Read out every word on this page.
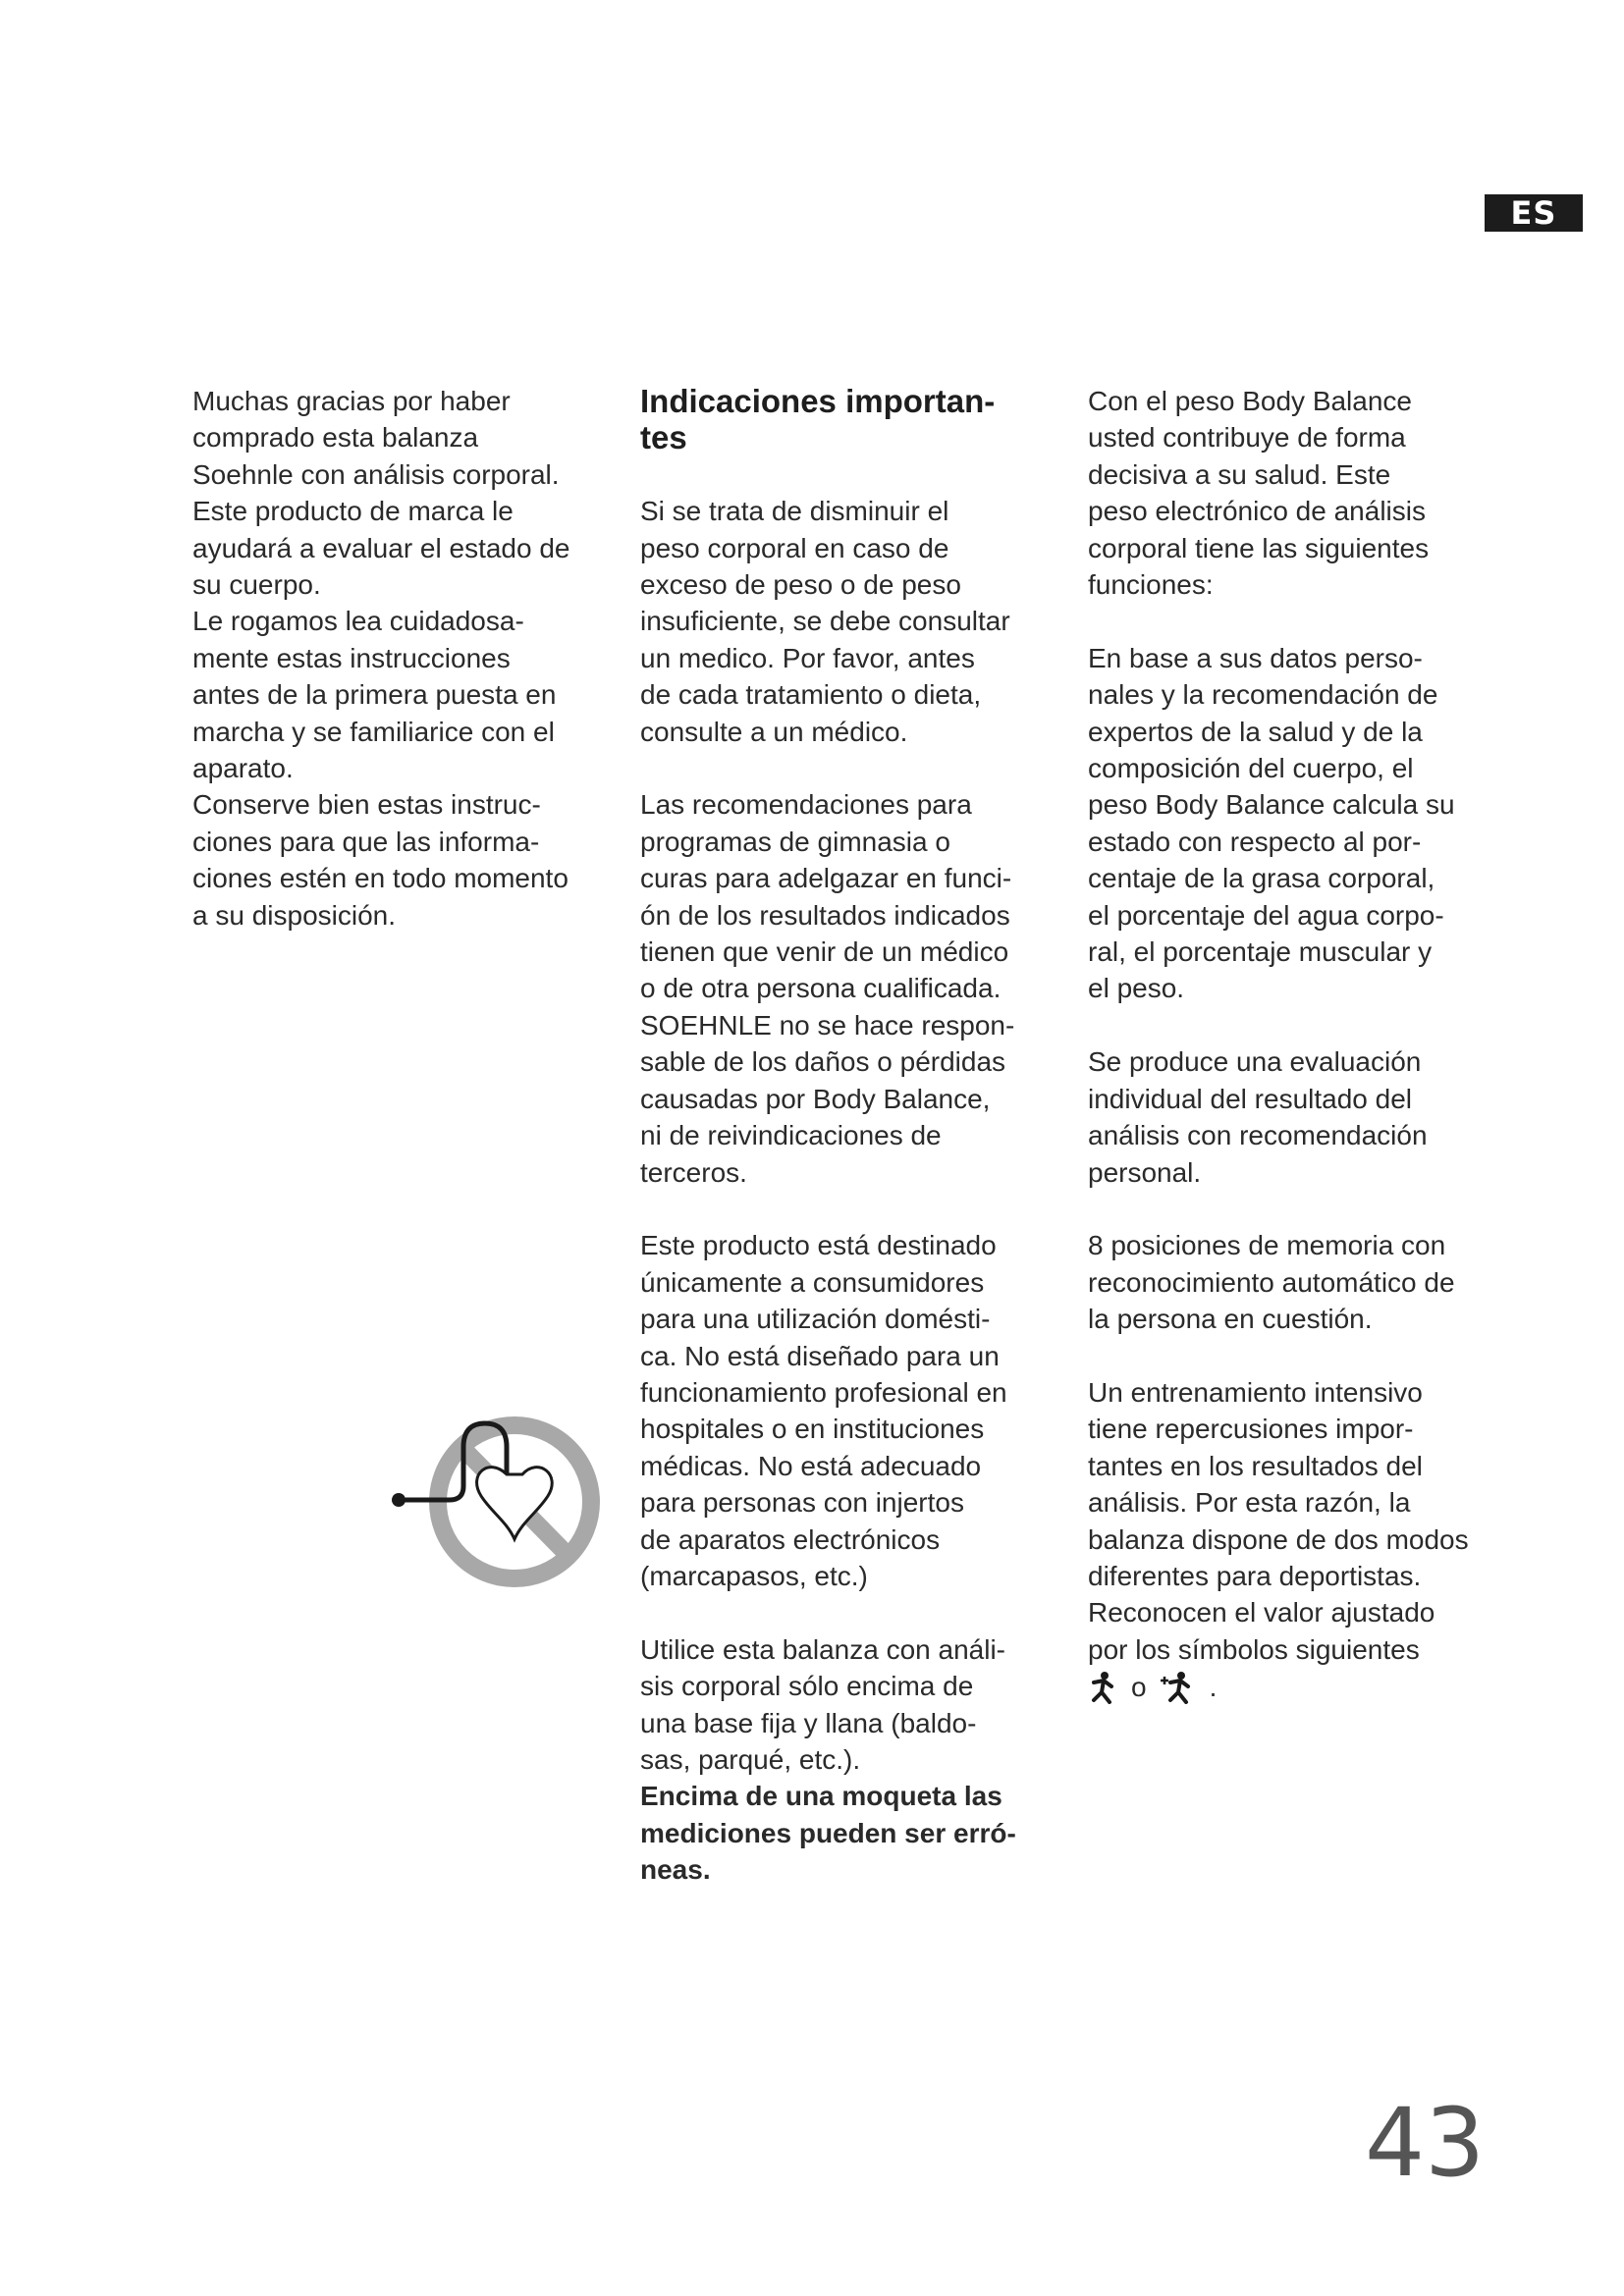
ES

Muchas gracias por haber
comprado esta balanza
Soehnle con análisis corporal.
Este producto de marca le
ayudará a evaluar el estado de
su cuerpo.

Le rogamos lea cuidadosa-
mente estas instrucciones
antes de la primera puesta en
marcha y se familiarice con el
aparato.

Conserve bien estas instruc-
ciones para que las informa-
ciones estén en todo momento
a su disposición.

Indicaciones importan-
tes

Si se trata de disminuir el
peso corporal en caso de
exceso de peso o de peso
insuficiente, se debe consultar
un medico. Por favor, antes
de cada tratamiento o dieta,
consulte a un médico.

Las recomendaciones para
programas de gimnasia o
curas para adelgazar en funci-
ón de los resultados indicados
tienen que venir de un médico
o de otra persona cualificada.
SOEHNLE no se hace respon-
sable de los daños o pérdidas
causadas por Body Balance,
ni de reivindicaciones de
terceros.

Este producto está destinado
únicamente a consumidores
para una utilización domésti-
ca. No está diseñado para un
funcionamiento profesional en
hospitales o en instituciones
médicas. No está adecuado
para personas con injertos
de aparatos electrónicos
(marcapasos, etc.)

Utilice esta balanza con análi-
sis corporal sólo encima de
una base fija y llana (baldo-
sas, parqué, etc.).

Encima de una moqueta las
mediciones pueden ser erró-
neas.

Con el peso Body Balance
usted contribuye de forma
decisiva a su salud. Este
peso electrónico de análisis
corporal tiene las siguientes
funciones:

En base a sus datos perso-
nales y la recomendación de
expertos de la salud y de la
composición del cuerpo, el
peso Body Balance calcula su
estado con respecto al por-
centaje de la grasa corporal,
el porcentaje del agua corpo-
ral, el porcentaje muscular y
el peso.

Se produce una evaluación
individual del resultado del
análisis con recomendación
personal.

8 posiciones de memoria con
reconocimiento automático de
la persona en cuestión.

Un entrenamiento intensivo
tiene repercusiones impor-
tantes en los resultados del
análisis. Por esta razón, la
balanza dispone de dos modos
diferentes para deportistas.
Reconocen el valor ajustado
por los símbolos siguientes

o .
43
